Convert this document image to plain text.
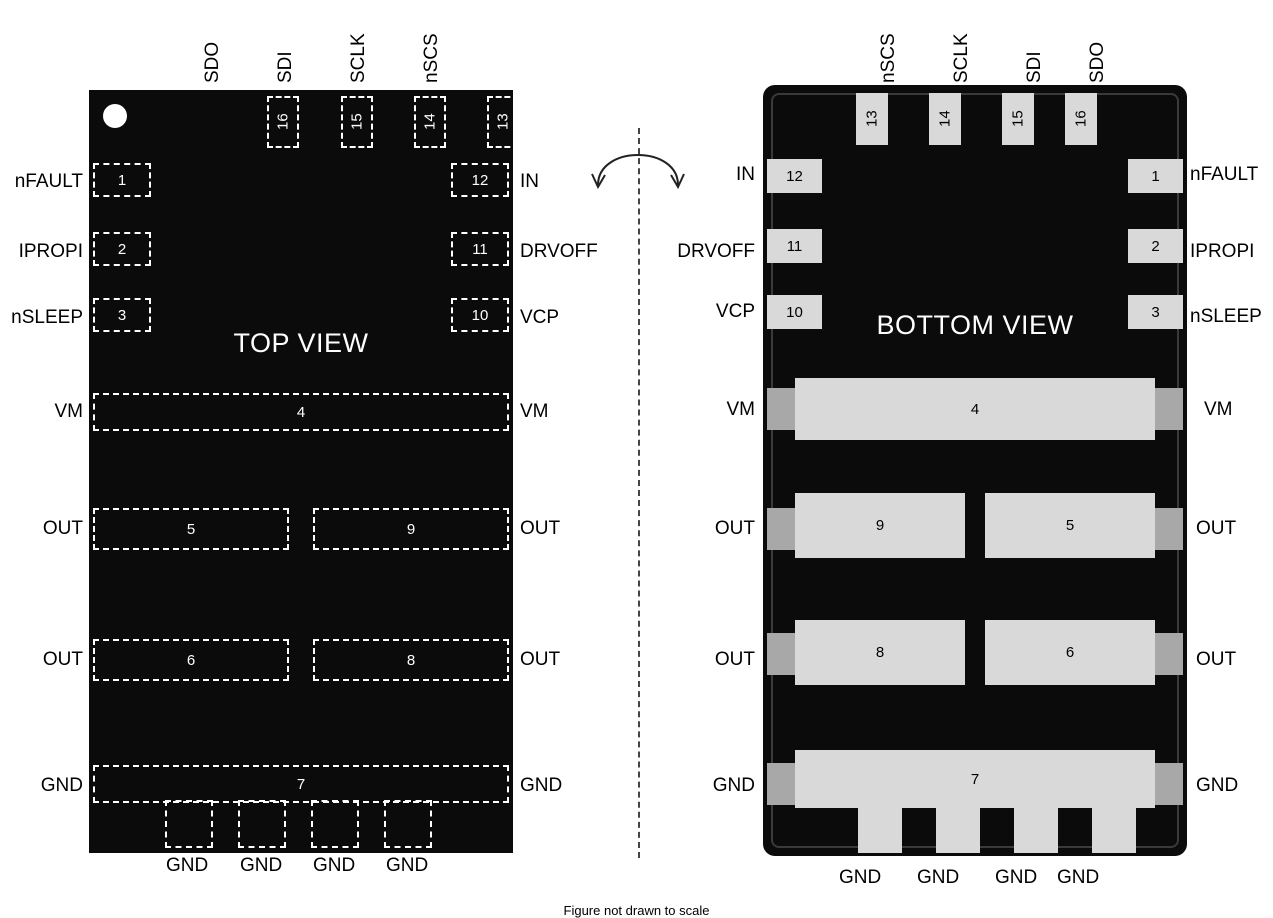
TOP VIEW
16	15	14	13
1
2
3
12
11
10
4
5	9
6	8
7
SDO	SDI	SCLK	nSCS
nFAULT
IPROPI
nSLEEP
VM
OUT
OUT
GND
IN
DRVOFF
VCP
VM
OUT
OUT
GND
GND GND GND GND
BOTTOM VIEW
13	14	15	16
12
11
10
1
2
3
4
9	5
8	6
7
nSCS	SCLK	SDI SDO
IN
DRVOFF
VCP
VM
OUT
OUT
GND
nFAULT
IPROPI
nSLEEP
VM
OUT
OUT
GND
GND GND GND GND
Figure not drawn to scale
